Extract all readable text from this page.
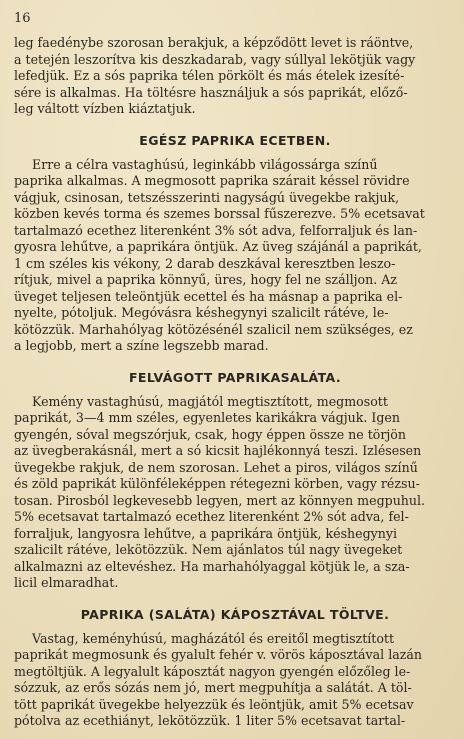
16

leg faedénybe szorosan berakjuk, a képződött levet is ráöntve,
a tetején leszorítva kis deszkadarab, vagy súllyal lekötjük vagy
lefedjük. Ez a sós paprika télen pörkölt és más ételek izesíté-
sére is alkalmas. Ha töltésre használjuk a sós paprikát, előző-
leg váltott vízben kiáztatjuk.

EGÉSZ PAPRIKA ECETBEN.

Erre a célra vastaghúsú, leginkább világossárga színű
paprika alkalmas. A megmosott paprika szárait késsel rövidre
vágjuk, csinosan, tetszésszerinti nagyságú üvegekbe rakjuk,
közben kevés torma és szemes borssal fűszerezve. 5% ecetsavat
tartalmazó ecethez literenként 3% sót adva, felforraljuk és lan-
gyosra lehűtve, a paprikára öntjük. Az üveg szájánál a paprikát,
1 cm széles kis vékony, 2 darab deszkával keresztben leszo-
rítjuk, mivel a paprika könnyű, üres, hogy fel ne szálljon. Az
üveget teljesen teleöntjük ecettel és ha másnap a paprika el-
nyelte, pótoljuk. Megóvásra késhegynyi szalicilt rátéve, le-
kötözzük. Marhahólyag kötözésénél szalicil nem szükséges, ez
a legjobb, mert a színe legszebb marad.

FELVÁGOTT PAPRIKASALÁTA.

Kemény vastaghúsú, magjától megtisztított, megmosott
paprikát, 3—4 mm széles, egyenletes karikákra vágjuk. Igen
gyengén, sóval megszórjuk, csak, hogy éppen össze ne törjön
az üvegberakásnál, mert a só kicsit hajlékonnyá teszi. Izlésesen
üvegekbe rakjuk, de nem szorosan. Lehet a piros, világos színű
és zöld paprikát különféleképpen rétegezni körben, vagy rézsu-
tosan. Pirosból legkevesebb legyen, mert az könnyen megpuhul.
5% ecetsavat tartalmazó ecethez literenként 2% sót adva, fel-
forraljuk, langyosra lehűtve, a paprikára öntjük, késhegynyi
szalicilt rátéve, lekötözzük. Nem ajánlatos túl nagy üvegeket
alkalmazni az eltevéshez. Ha marhahólyaggal kötjük le, a sza-
licil elmaradhat.

PAPRIKA (SALÁTA) KÁPOSZTÁVAL TÖLTVE.

Vastag, keményhúsú, magházától és ereitől megtisztított
paprikát megmosunk és gyalult fehér v. vörös káposztával lazán
megtöltjük. A legyalult káposztát nagyon gyengén előzőleg le-
sózzuk, az erős sózás nem jó, mert megpuhítja a salátát. A töl-
tött paprikát üvegekbe helyezzük és leöntjük, amit 5% ecetsav
pótolva az ecethiányt, lekötözzük. 1 liter 5% ecetsavat tartal-
